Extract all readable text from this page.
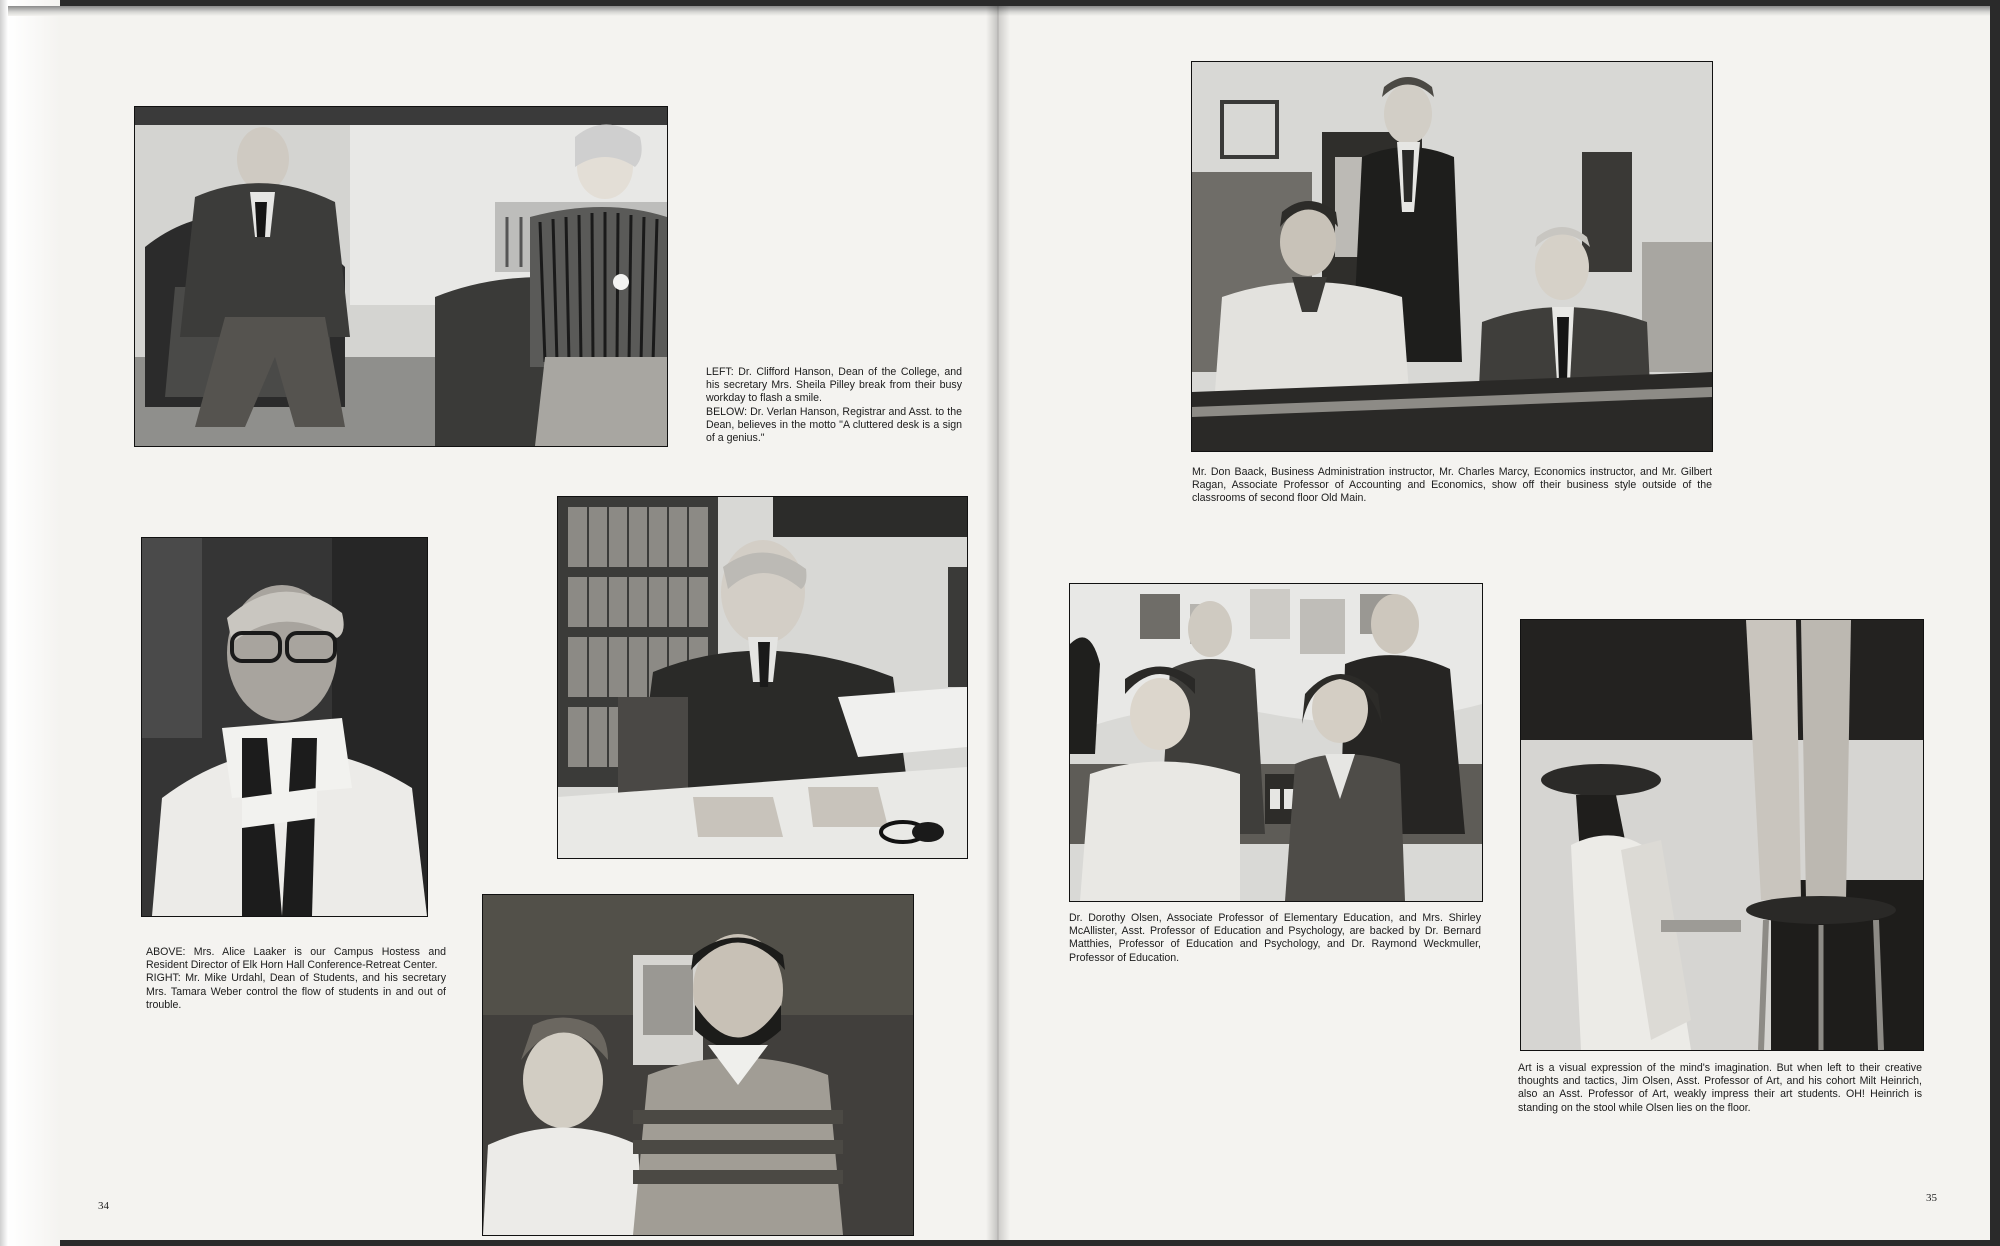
LEFT: Dr. Clifford Hanson, Dean of the College, and his secretary Mrs. Sheila Pilley break from their busy workday to flash a smile.

BELOW: Dr. Verlan Hanson, Registrar and Asst. to the Dean, believes in the motto "A cluttered desk is a sign of a genius."

ABOVE: Mrs. Alice Laaker is our Campus Hostess and Resident Director of Elk Horn Hall Conference-Retreat Center.

RIGHT: Mr. Mike Urdahl, Dean of Students, and his secretary Mrs. Tamara Weber control the flow of students in and out of trouble.

Mr. Don Baack, Business Administration instructor, Mr. Charles Marcy, Economics instructor, and Mr. Gilbert Ragan, Associate Professor of Accounting and Economics, show off their business style outside of the classrooms of second floor Old Main.

Dr. Dorothy Olsen, Associate Professor of Elementary Education, and Mrs. Shirley McAllister, Asst. Professor of Education and Psychology, are backed by Dr. Bernard Matthies, Professor of Education and Psychology, and Dr. Raymond Weckmuller, Professor of Education.

Art is a visual expression of the mind's imagination. But when left to their creative thoughts and tactics, Jim Olsen, Asst. Professor of Art, and his cohort Milt Heinrich, also an Asst. Professor of Art, weakly impress their art students. OH! Heinrich is standing on the stool while Olsen lies on the floor.

34
35
